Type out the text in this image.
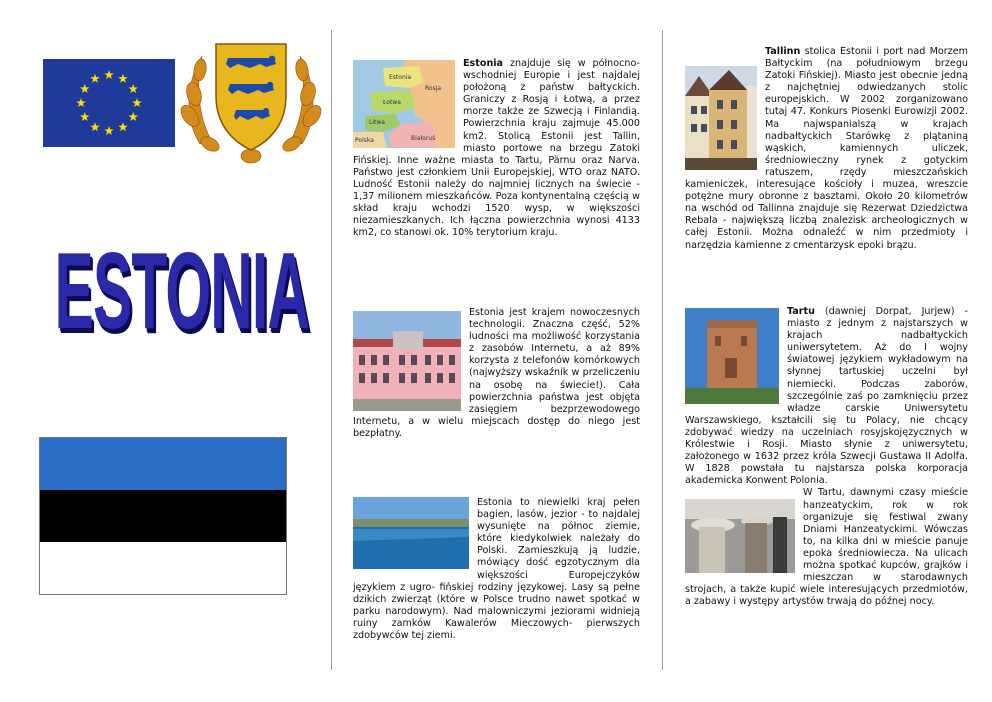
ESTONIA
Estonia
Łotwa
Litwa
Rosja
Polska	Białoruś
Estonia znajduje się w północno-wschodniej Europie i jest najdalej położoną z państw bałtyckich. Graniczy z Rosją i Łotwą, a przez morze także ze Szwecją i Finlandią. Powierzchnia kraju zajmuje 45.000 km2. Stolicą Estonii jest Tallin, miasto portowe na brzegu Zatoki Fińskiej. Inne ważne miasta to Tartu, Pärnu oraz Narva. Państwo jest członkiem Unii Europejskiej, WTO oraz NATO. Ludność Estonii należy do najmniej licznych na świecie - 1,37 milionem mieszkańców. Poza kontynentalną częścią w skład kraju wchodzi 1520 wysp, w większości niezamieszkanych. Ich łączna powierzchnia wynosi 4133 km2, co stanowi ok. 10% terytorium kraju.
Estonia jest krajem nowoczesnych technologii. Znaczna część, 52% ludności ma możliwość korzystania z zasobów Internetu, a aż 89% korzysta z telefonów komórkowych (najwyższy wskaźnik w przeliczeniu na osobę na świecie!). Cała powierzchnia państwa jest objęta zasięgiem bezprzewodowego Internetu, a w wielu miejscach dostęp do niego jest bezpłatny.
Estonia to niewielki kraj pełen bagien, lasów, jezior - to najdalej wysunięte na północ ziemie, które kiedykolwiek należały do Polski. Zamieszkują ją ludzie, mówiący dość egzotycznym dla większości Europejczyków językiem z ugro- fińskiej rodziny językowej. Lasy są pełne dzikich zwierząt (które w Polsce trudno nawet spotkać w parku narodowym). Nad malowniczymi jeziorami widnieją ruiny zamków Kawalerów Mieczowych- pierwszych zdobywców tej ziemi.
Tallinn stolica Estonii i port nad Morzem Bałtyckim (na południowym brzegu Zatoki Fińskiej). Miasto jest obecnie jedną z najchętniej odwiedzanych stolic europejskich. W 2002 zorganizowano tutaj 47. Konkurs Piosenki Eurowizji 2002. Ma najwspanialszą w krajach nadbałtyckich Starówkę z plątaniną wąskich, kamiennych uliczek, średniowieczny rynek z gotyckim ratuszem, rzędy mieszczańskich kamieniczek, interesujące kościoły i muzea, wreszcie potężne mury obronne z basztami. Około 20 kilometrów na wschód od Tallinna znajduje się Rezerwat Dziedzictwa Rebala - największą liczbą znalezisk archeologicznych w całej Estonii. Można odnaleźć w nim przedmioty i narzędzia kamienne z cmentarzysk epoki brązu.
Tartu (dawniej Dorpat, Jurjew) - miasto z jednym z najstarszych w krajach nadbałtyckich uniwersytetem. Aż do I wojny światowej językiem wykładowym na słynnej tartuskiej uczelni był niemiecki. Podczas zaborów, szczególnie zaś po zamknięciu przez władze carskie Uniwersytetu Warszawskiego, kształcili się tu Polacy, nie chcący zdobywać wiedzy na uczelniach rosyjskojęzycznych w Królestwie i Rosji. Miasto słynie z uniwersytetu, założonego w 1632 przez króla Szwecji Gustawa II Adolfa. W 1828 powstała tu najstarsza polska korporacja akademicka Konwent Polonia.
W Tartu, dawnymi czasy mieście hanzeatyckim, rok w rok organizuje się festiwal zwany Dniami Hanzeatyckimi. Wówczas to, na kilka dni w mieście panuje epoka średniowiecza. Na ulicach można spotkać kupców, grajków i mieszczan w starodawnych strojach, a także kupić wiele interesujących przedmiotów, a zabawy i występy artystów trwają do późnej nocy.
